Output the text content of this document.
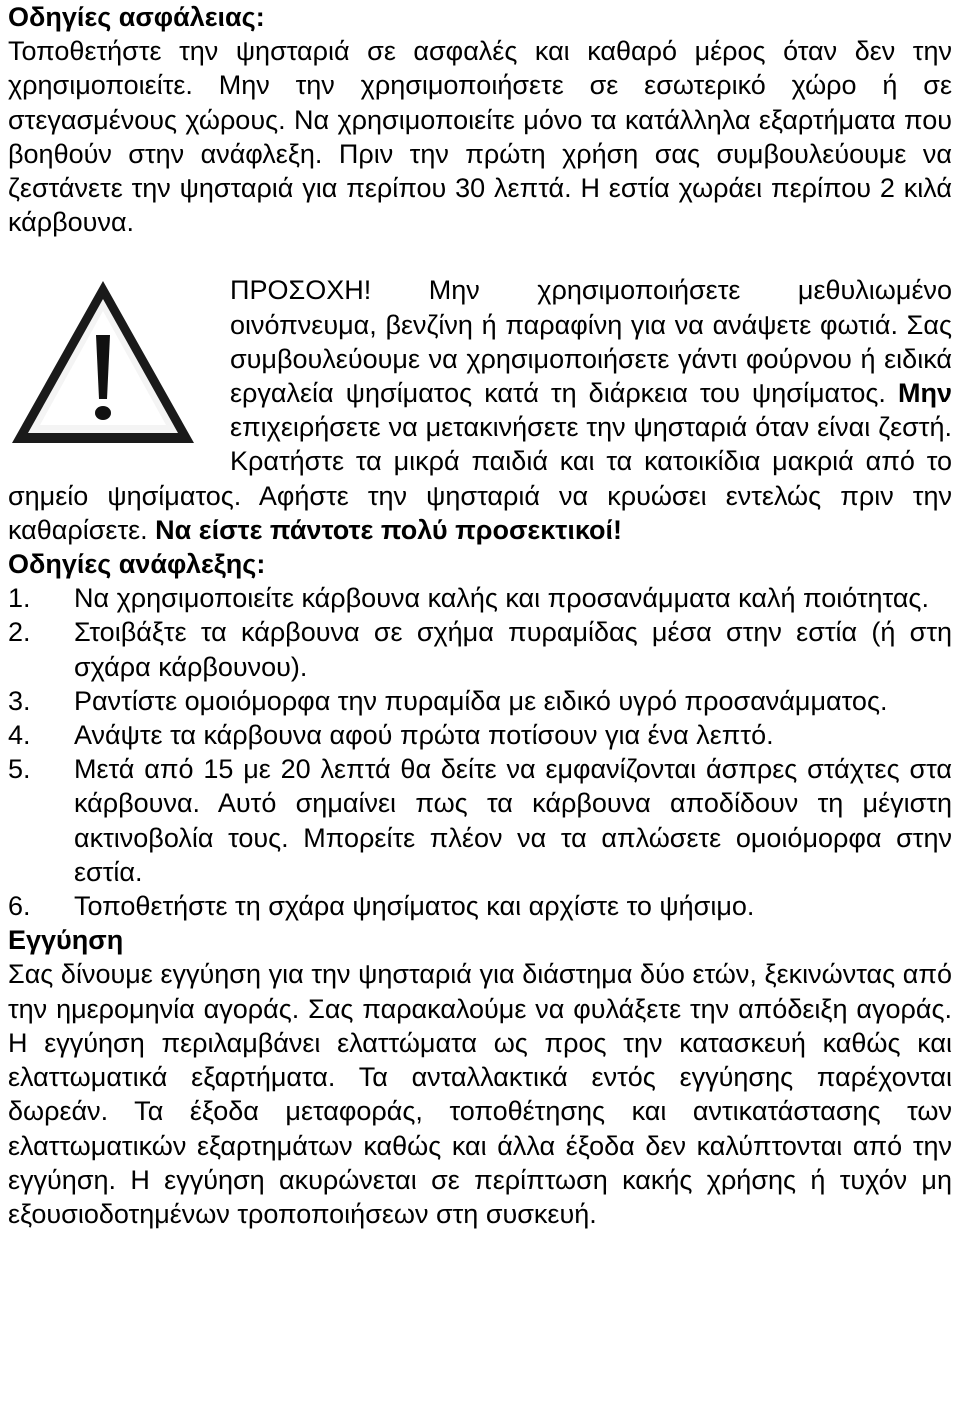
Οδηγίες ασφάλειας:

Τοποθετήστε την ψησταριά σε ασφαλές και καθαρό μέρος όταν δεν την χρησιμοποιείτε. Μην την χρησιμοποιήσετε σε εσωτερικό χώρο ή σε στεγασμένους χώρους. Να χρησιμοποιείτε μόνο τα κατάλληλα εξαρτήματα που βοηθούν στην ανάφλεξη. Πριν την πρώτη χρήση σας συμβουλεύουμε να ζεστάνετε την ψησταριά για περίπου 30 λεπτά. Η εστία χωράει περίπου 2 κιλά κάρβουνα.

ΠΡΟΣΟΧΗ! Μην χρησιμοποιήσετε μεθυλιωμένο οινόπνευμα, βενζίνη ή παραφίνη για να ανάψετε φωτιά. Σας συμβουλεύουμε να χρησιμοποιήσετε γάντι φούρνου ή ειδικά εργαλεία ψησίματος κατά τη διάρκεια του ψησίματος. Μην επιχειρήσετε να μετακινήσετε την ψησταριά όταν είναι ζεστή. Κρατήστε τα μικρά παιδιά και τα κατοικίδια μακριά από το σημείο ψησίματος. Αφήστε την ψησταριά να κρυώσει εντελώς πριν την καθαρίσετε. Να είστε πάντοτε πολύ προσεκτικοί!

Οδηγίες ανάφλεξης:
1. Να χρησιμοποιείτε κάρβουνα καλής και προσανάμματα καλή ποιότητας.
2. Στοιβάξτε τα κάρβουνα σε σχήμα πυραμίδας μέσα στην εστία (ή στη σχάρα κάρβουνου).
3. Ραντίστε ομοιόμορφα την πυραμίδα με ειδικό υγρό προσανάμματος.
4. Ανάψτε τα κάρβουνα αφού πρώτα ποτίσουν για ένα λεπτό.
5. Μετά από 15 με 20 λεπτά θα δείτε να εμφανίζονται άσπρες στάχτες στα κάρβουνα. Αυτό σημαίνει πως τα κάρβουνα αποδίδουν τη μέγιστη ακτινοβολία τους. Μπορείτε πλέον να τα απλώσετε ομοιόμορφα στην εστία.
6. Τοποθετήστε τη σχάρα ψησίματος και αρχίστε το ψήσιμο.
Εγγύηση

Σας δίνουμε εγγύηση για την ψησταριά για διάστημα δύο ετών, ξεκινώντας από την ημερομηνία αγοράς. Σας παρακαλούμε να φυλάξετε την απόδειξη αγοράς. Η εγγύηση περιλαμβάνει ελαττώματα ως προς την κατασκευή καθώς και ελαττωματικά εξαρτήματα. Τα ανταλλακτικά εντός εγγύησης παρέχονται δωρεάν. Τα έξοδα μεταφοράς, τοποθέτησης και αντικατάστασης των ελαττωματικών εξαρτημάτων καθώς και άλλα έξοδα δεν καλύπτονται από την εγγύηση. Η εγγύηση ακυρώνεται σε περίπτωση κακής χρήσης ή τυχόν μη εξουσιοδοτημένων τροποποιήσεων στη συσκευή.
